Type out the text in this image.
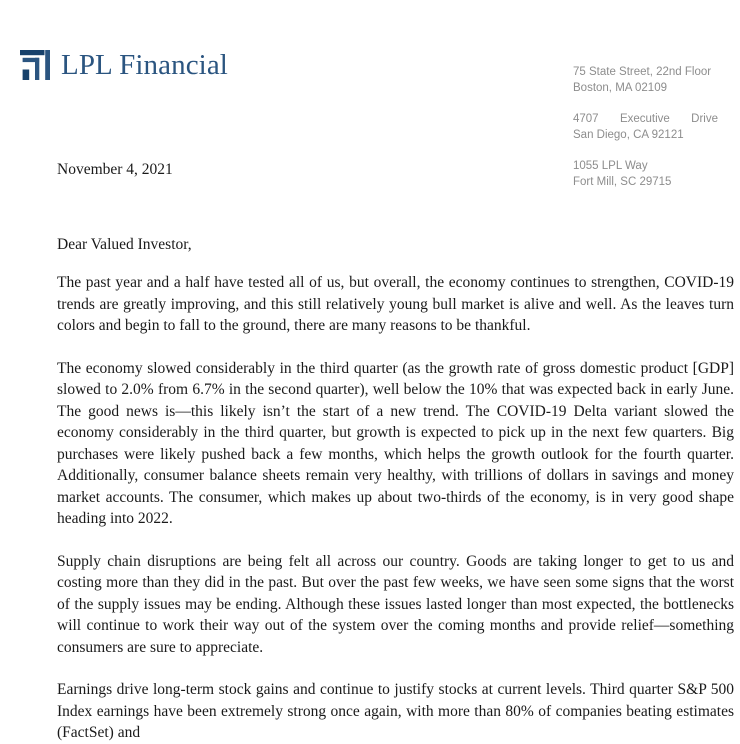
LPL Financial	75 State Street, 22nd Floor
Boston, MA 02109
4707 Executive Drive
San Diego, CA 92121
1055 LPL Way
Fort Mill, SC 29715
November 4, 2021
Dear Valued Investor,

The past year and a half have tested all of us, but overall, the economy continues to strengthen, COVID-19 trends are greatly improving, and this still relatively young bull market is alive and well. As the leaves turn colors and begin to fall to the ground, there are many reasons to be thankful.

The economy slowed considerably in the third quarter (as the growth rate of gross domestic product [GDP] slowed to 2.0% from 6.7% in the second quarter), well below the 10% that was expected back in early June. The good news is—this likely isn’t the start of a new trend. The COVID-19 Delta variant slowed the economy considerably in the third quarter, but growth is expected to pick up in the next few quarters. Big purchases were likely pushed back a few months, which helps the growth outlook for the fourth quarter. Additionally, consumer balance sheets remain very healthy, with trillions of dollars in savings and money market accounts. The consumer, which makes up about two-thirds of the economy, is in very good shape heading into 2022.

Supply chain disruptions are being felt all across our country. Goods are taking longer to get to us and costing more than they did in the past. But over the past few weeks, we have seen some signs that the worst of the supply issues may be ending. Although these issues lasted longer than most expected, the bottlenecks will continue to work their way out of the system over the coming months and provide relief—something consumers are sure to appreciate.

Earnings drive long-term stock gains and continue to justify stocks at current levels. Third quarter S&P 500 Index earnings have been extremely strong once again, with more than 80% of companies beating estimates (FactSet) and
